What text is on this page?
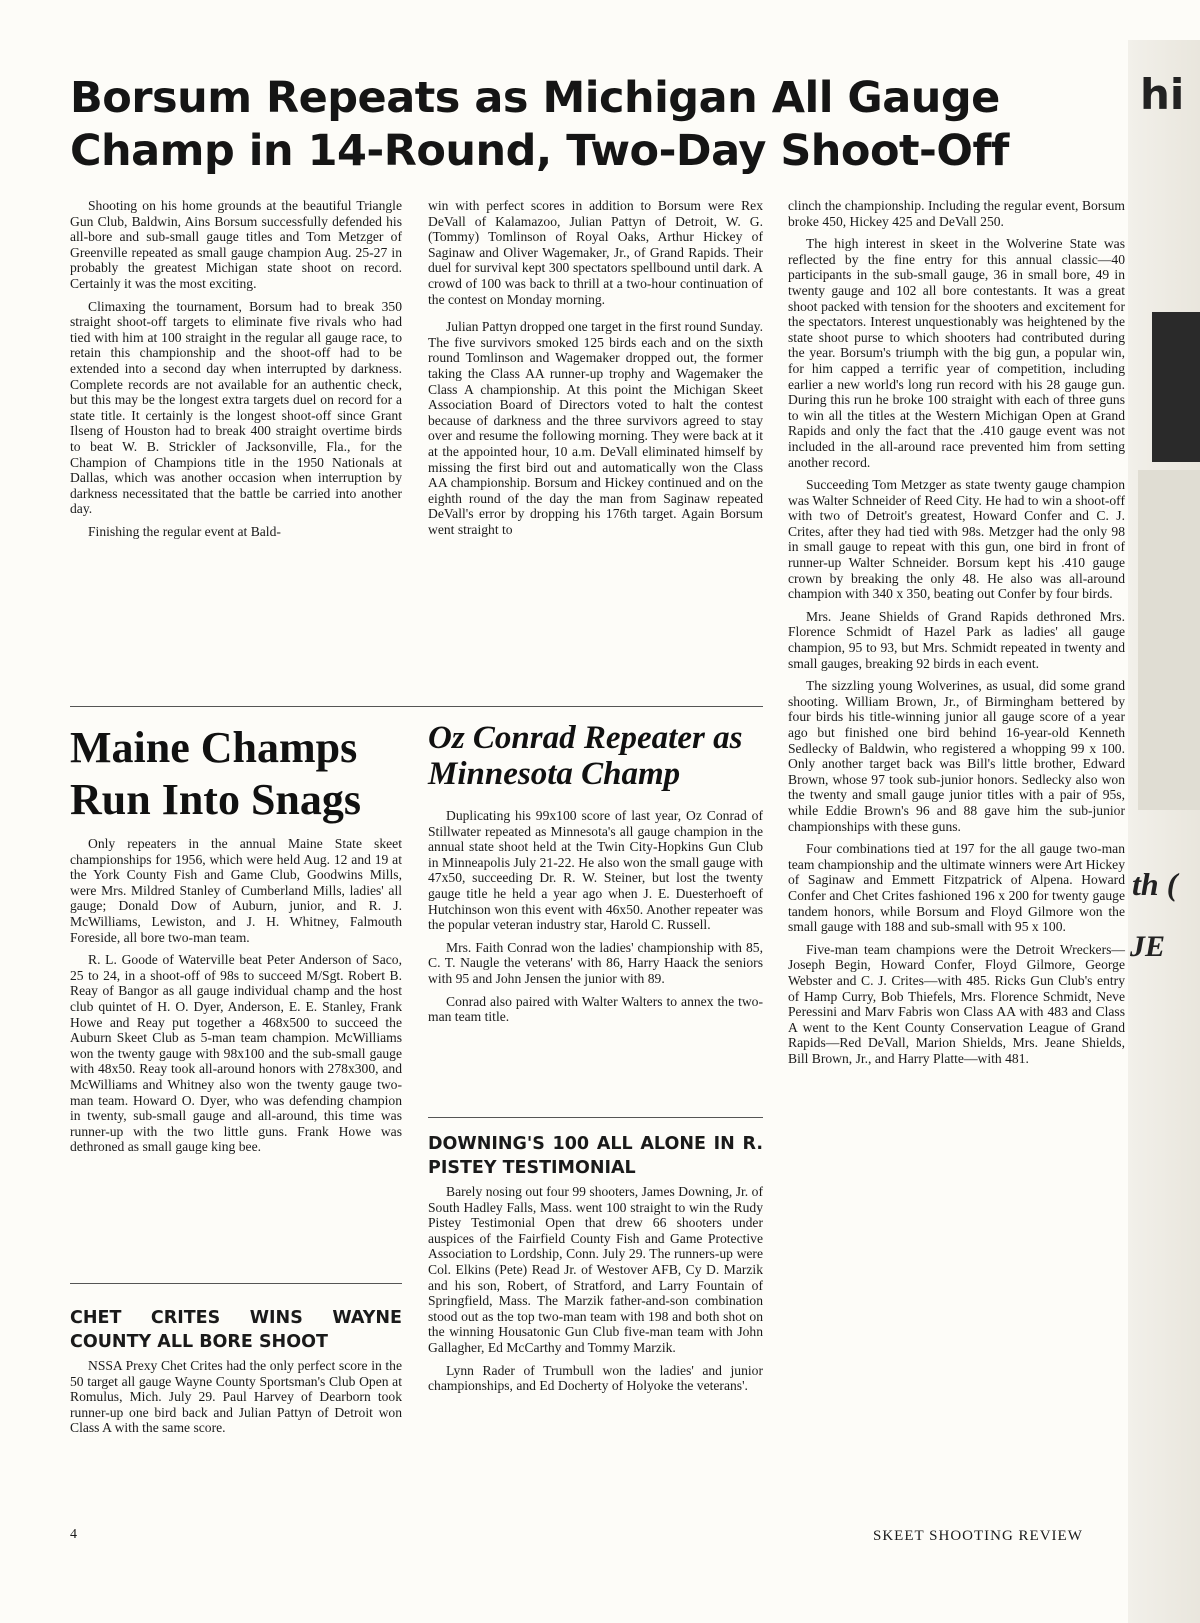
Borsum Repeats as Michigan All Gauge Champ in 14-Round, Two-Day Shoot-Off

Shooting on his home grounds at the beautiful Triangle Gun Club, Baldwin, Ains Borsum successfully defended his all-bore and sub-small gauge titles and Tom Metzger of Greenville repeated as small gauge champion Aug. 25-27 in probably the greatest Michigan state shoot on record. Certainly it was the most exciting.

Climaxing the tournament, Borsum had to break 350 straight shoot-off targets to eliminate five rivals who had tied with him at 100 straight in the regular all gauge race, to retain this championship and the shoot-off had to be extended into a second day when interrupted by darkness. Complete records are not available for an authentic check, but this may be the longest extra targets duel on record for a state title. It certainly is the longest shoot-off since Grant Ilseng of Houston had to break 400 straight overtime birds to beat W. B. Strickler of Jacksonville, Fla., for the Champion of Champions title in the 1950 Nationals at Dallas, which was another occasion when interruption by darkness necessitated that the battle be carried into another day.

Finishing the regular event at Bald-

win with perfect scores in addition to Borsum were Rex DeVall of Kalamazoo, Julian Pattyn of Detroit, W. G. (Tommy) Tomlinson of Royal Oaks, Arthur Hickey of Saginaw and Oliver Wagemaker, Jr., of Grand Rapids. Their duel for survival kept 300 spectators spellbound until dark. A crowd of 100 was back to thrill at a two-hour continuation of the contest on Monday morning.

Julian Pattyn dropped one target in the first round Sunday. The five survivors smoked 125 birds each and on the sixth round Tomlinson and Wagemaker dropped out, the former taking the Class AA runner-up trophy and Wagemaker the Class A championship. At this point the Michigan Skeet Association Board of Directors voted to halt the contest because of darkness and the three survivors agreed to stay over and resume the following morning. They were back at it at the appointed hour, 10 a.m. DeVall eliminated himself by missing the first bird out and automatically won the Class AA championship. Borsum and Hickey continued and on the eighth round of the day the man from Saginaw repeated DeVall's error by dropping his 176th target. Again Borsum went straight to

clinch the championship. Including the regular event, Borsum broke 450, Hickey 425 and DeVall 250.

The high interest in skeet in the Wolverine State was reflected by the fine entry for this annual classic—40 participants in the sub-small gauge, 36 in small bore, 49 in twenty gauge and 102 all bore contestants. It was a great shoot packed with tension for the shooters and excitement for the spectators. Interest unquestionably was heightened by the state shoot purse to which shooters had contributed during the year. Borsum's triumph with the big gun, a popular win, for him capped a terrific year of competition, including earlier a new world's long run record with his 28 gauge gun. During this run he broke 100 straight with each of three guns to win all the titles at the Western Michigan Open at Grand Rapids and only the fact that the .410 gauge event was not included in the all-around race prevented him from setting another record.

Succeeding Tom Metzger as state twenty gauge champion was Walter Schneider of Reed City. He had to win a shoot-off with two of Detroit's greatest, Howard Confer and C. J. Crites, after they had tied with 98s. Metzger had the only 98 in small gauge to repeat with this gun, one bird in front of runner-up Walter Schneider. Borsum kept his .410 gauge crown by breaking the only 48. He also was all-around champion with 340 x 350, beating out Confer by four birds.

Mrs. Jeane Shields of Grand Rapids dethroned Mrs. Florence Schmidt of Hazel Park as ladies' all gauge champion, 95 to 93, but Mrs. Schmidt repeated in twenty and small gauges, breaking 92 birds in each event.

The sizzling young Wolverines, as usual, did some grand shooting. William Brown, Jr., of Birmingham bettered by four birds his title-winning junior all gauge score of a year ago but finished one bird behind 16-year-old Kenneth Sedlecky of Baldwin, who registered a whopping 99 x 100. Only another target back was Bill's little brother, Edward Brown, whose 97 took sub-junior honors. Sedlecky also won the twenty and small gauge junior titles with a pair of 95s, while Eddie Brown's 96 and 88 gave him the sub-junior championships with these guns.

Four combinations tied at 197 for the all gauge two-man team championship and the ultimate winners were Art Hickey of Saginaw and Emmett Fitzpatrick of Alpena. Howard Confer and Chet Crites fashioned 196 x 200 for twenty gauge tandem honors, while Borsum and Floyd Gilmore won the small gauge with 188 and sub-small with 95 x 100.

Five-man team champions were the Detroit Wreckers—Joseph Begin, Howard Confer, Floyd Gilmore, George Webster and C. J. Crites—with 485. Ricks Gun Club's entry of Hamp Curry, Bob Thiefels, Mrs. Florence Schmidt, Neve Peressini and Marv Fabris won Class AA with 483 and Class A went to the Kent County Conservation League of Grand Rapids—Red DeVall, Marion Shields, Mrs. Jeane Shields, Bill Brown, Jr., and Harry Platte—with 481.

Maine Champs Run Into Snags

Only repeaters in the annual Maine State skeet championships for 1956, which were held Aug. 12 and 19 at the York County Fish and Game Club, Goodwins Mills, were Mrs. Mildred Stanley of Cumberland Mills, ladies' all gauge; Donald Dow of Auburn, junior, and R. J. McWilliams, Lewiston, and J. H. Whitney, Falmouth Foreside, all bore two-man team.

R. L. Goode of Waterville beat Peter Anderson of Saco, 25 to 24, in a shoot-off of 98s to succeed M/Sgt. Robert B. Reay of Bangor as all gauge individual champ and the host club quintet of H. O. Dyer, Anderson, E. E. Stanley, Frank Howe and Reay put together a 468x500 to succeed the Auburn Skeet Club as 5-man team champion. McWilliams won the twenty gauge with 98x100 and the sub-small gauge with 48x50. Reay took all-around honors with 278x300, and McWilliams and Whitney also won the twenty gauge two-man team. Howard O. Dyer, who was defending champion in twenty, sub-small gauge and all-around, this time was runner-up with the two little guns. Frank Howe was dethroned as small gauge king bee.

CHET CRITES WINS WAYNE COUNTY ALL BORE SHOOT

NSSA Prexy Chet Crites had the only perfect score in the 50 target all gauge Wayne County Sportsman's Club Open at Romulus, Mich. July 29. Paul Harvey of Dearborn took runner-up one bird back and Julian Pattyn of Detroit won Class A with the same score.

Oz Conrad Repeater as Minnesota Champ

Duplicating his 99x100 score of last year, Oz Conrad of Stillwater repeated as Minnesota's all gauge champion in the annual state shoot held at the Twin City-Hopkins Gun Club in Minneapolis July 21-22. He also won the small gauge with 47x50, succeeding Dr. R. W. Steiner, but lost the twenty gauge title he held a year ago when J. E. Duesterhoeft of Hutchinson won this event with 46x50. Another repeater was the popular veteran industry star, Harold C. Russell.

Mrs. Faith Conrad won the ladies' championship with 85, C. T. Naugle the veterans' with 86, Harry Haack the seniors with 95 and John Jensen the junior with 89.

Conrad also paired with Walter Walters to annex the two-man team title.

DOWNING'S 100 ALL ALONE IN R. PISTEY TESTIMONIAL

Barely nosing out four 99 shooters, James Downing, Jr. of South Hadley Falls, Mass. went 100 straight to win the Rudy Pistey Testimonial Open that drew 66 shooters under auspices of the Fairfield County Fish and Game Protective Association to Lordship, Conn. July 29. The runners-up were Col. Elkins (Pete) Read Jr. of Westover AFB, Cy D. Marzik and his son, Robert, of Stratford, and Larry Fountain of Springfield, Mass. The Marzik father-and-son combination stood out as the top two-man team with 198 and both shot on the winning Housatonic Gun Club five-man team with John Gallagher, Ed McCarthy and Tommy Marzik.

Lynn Rader of Trumbull won the ladies' and junior championships, and Ed Docherty of Holyoke the veterans'.

4	SKEET SHOOTING REVIEW
hi
th (
JE
